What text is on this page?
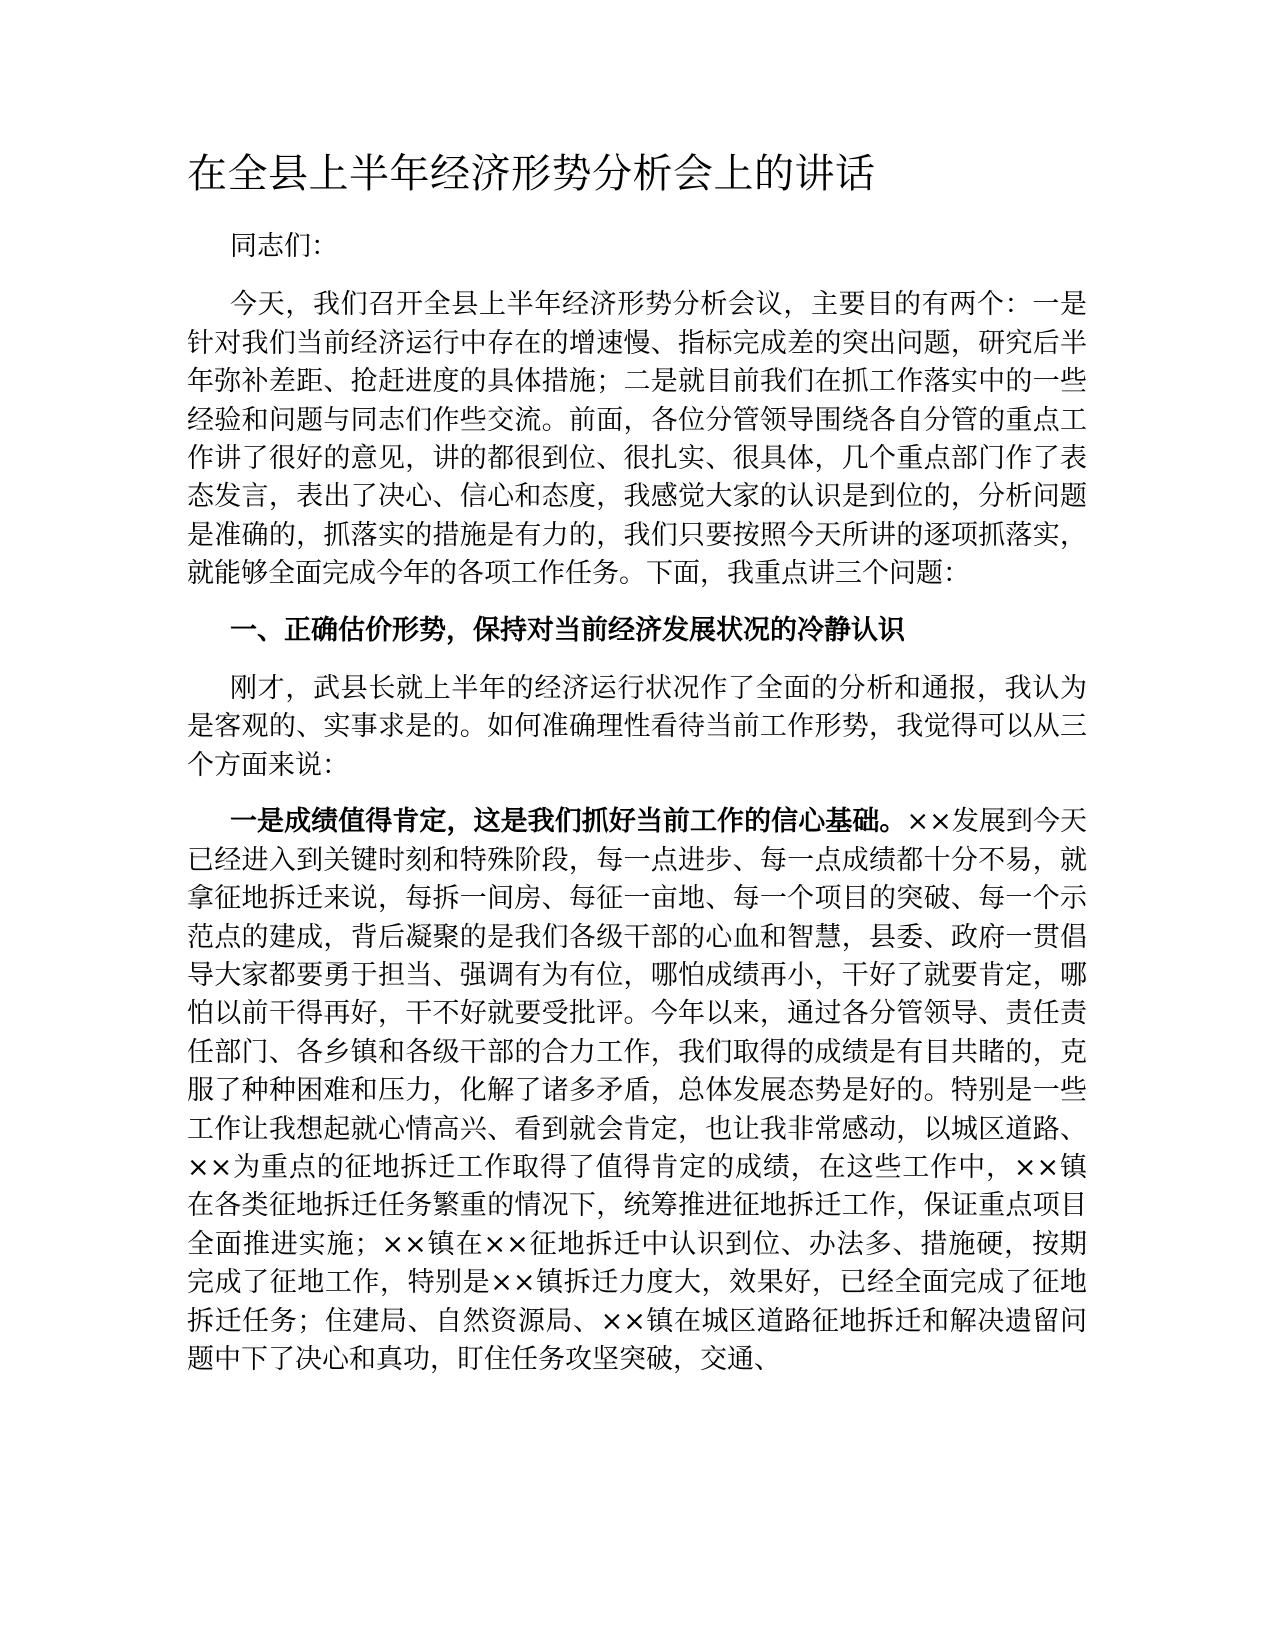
在全县上半年经济形势分析会上的讲话

同志们：

今天，我们召开全县上半年经济形势分析会议，主要目的有两个：一是针对我们当前经济运行中存在的增速慢、指标完成差的突出问题，研究后半年弥补差距、抢赶进度的具体措施；二是就目前我们在抓工作落实中的一些经验和问题与同志们作些交流。前面，各位分管领导围绕各自分管的重点工作讲了很好的意见，讲的都很到位、很扎实、很具体，几个重点部门作了表态发言，表出了决心、信心和态度，我感觉大家的认识是到位的，分析问题是准确的，抓落实的措施是有力的，我们只要按照今天所讲的逐项抓落实，就能够全面完成今年的各项工作任务。下面，我重点讲三个问题：

一、正确估价形势，保持对当前经济发展状况的冷静认识

刚才，武县长就上半年的经济运行状况作了全面的分析和通报，我认为是客观的、实事求是的。如何准确理性看待当前工作形势，我觉得可以从三个方面来说：

一是成绩值得肯定，这是我们抓好当前工作的信心基础。××发展到今天已经进入到关键时刻和特殊阶段，每一点进步、每一点成绩都十分不易，就拿征地拆迁来说，每拆一间房、每征一亩地、每一个项目的突破、每一个示范点的建成，背后凝聚的是我们各级干部的心血和智慧，县委、政府一贯倡导大家都要勇于担当、强调有为有位，哪怕成绩再小，干好了就要肯定，哪怕以前干得再好，干不好就要受批评。今年以来，通过各分管领导、责任责任部门、各乡镇和各级干部的合力工作，我们取得的成绩是有目共睹的，克服了种种困难和压力，化解了诸多矛盾，总体发展态势是好的。特别是一些工作让我想起就心情高兴、看到就会肯定，也让我非常感动，以城区道路、××为重点的征地拆迁工作取得了值得肯定的成绩，在这些工作中，××镇在各类征地拆迁任务繁重的情况下，统筹推进征地拆迁工作，保证重点项目全面推进实施；××镇在××征地拆迁中认识到位、办法多、措施硬，按期完成了征地工作，特别是××镇拆迁力度大，效果好，已经全面完成了征地拆迁任务；住建局、自然资源局、××镇在城区道路征地拆迁和解决遗留问题中下了决心和真功，盯住任务攻坚突破，交通、
